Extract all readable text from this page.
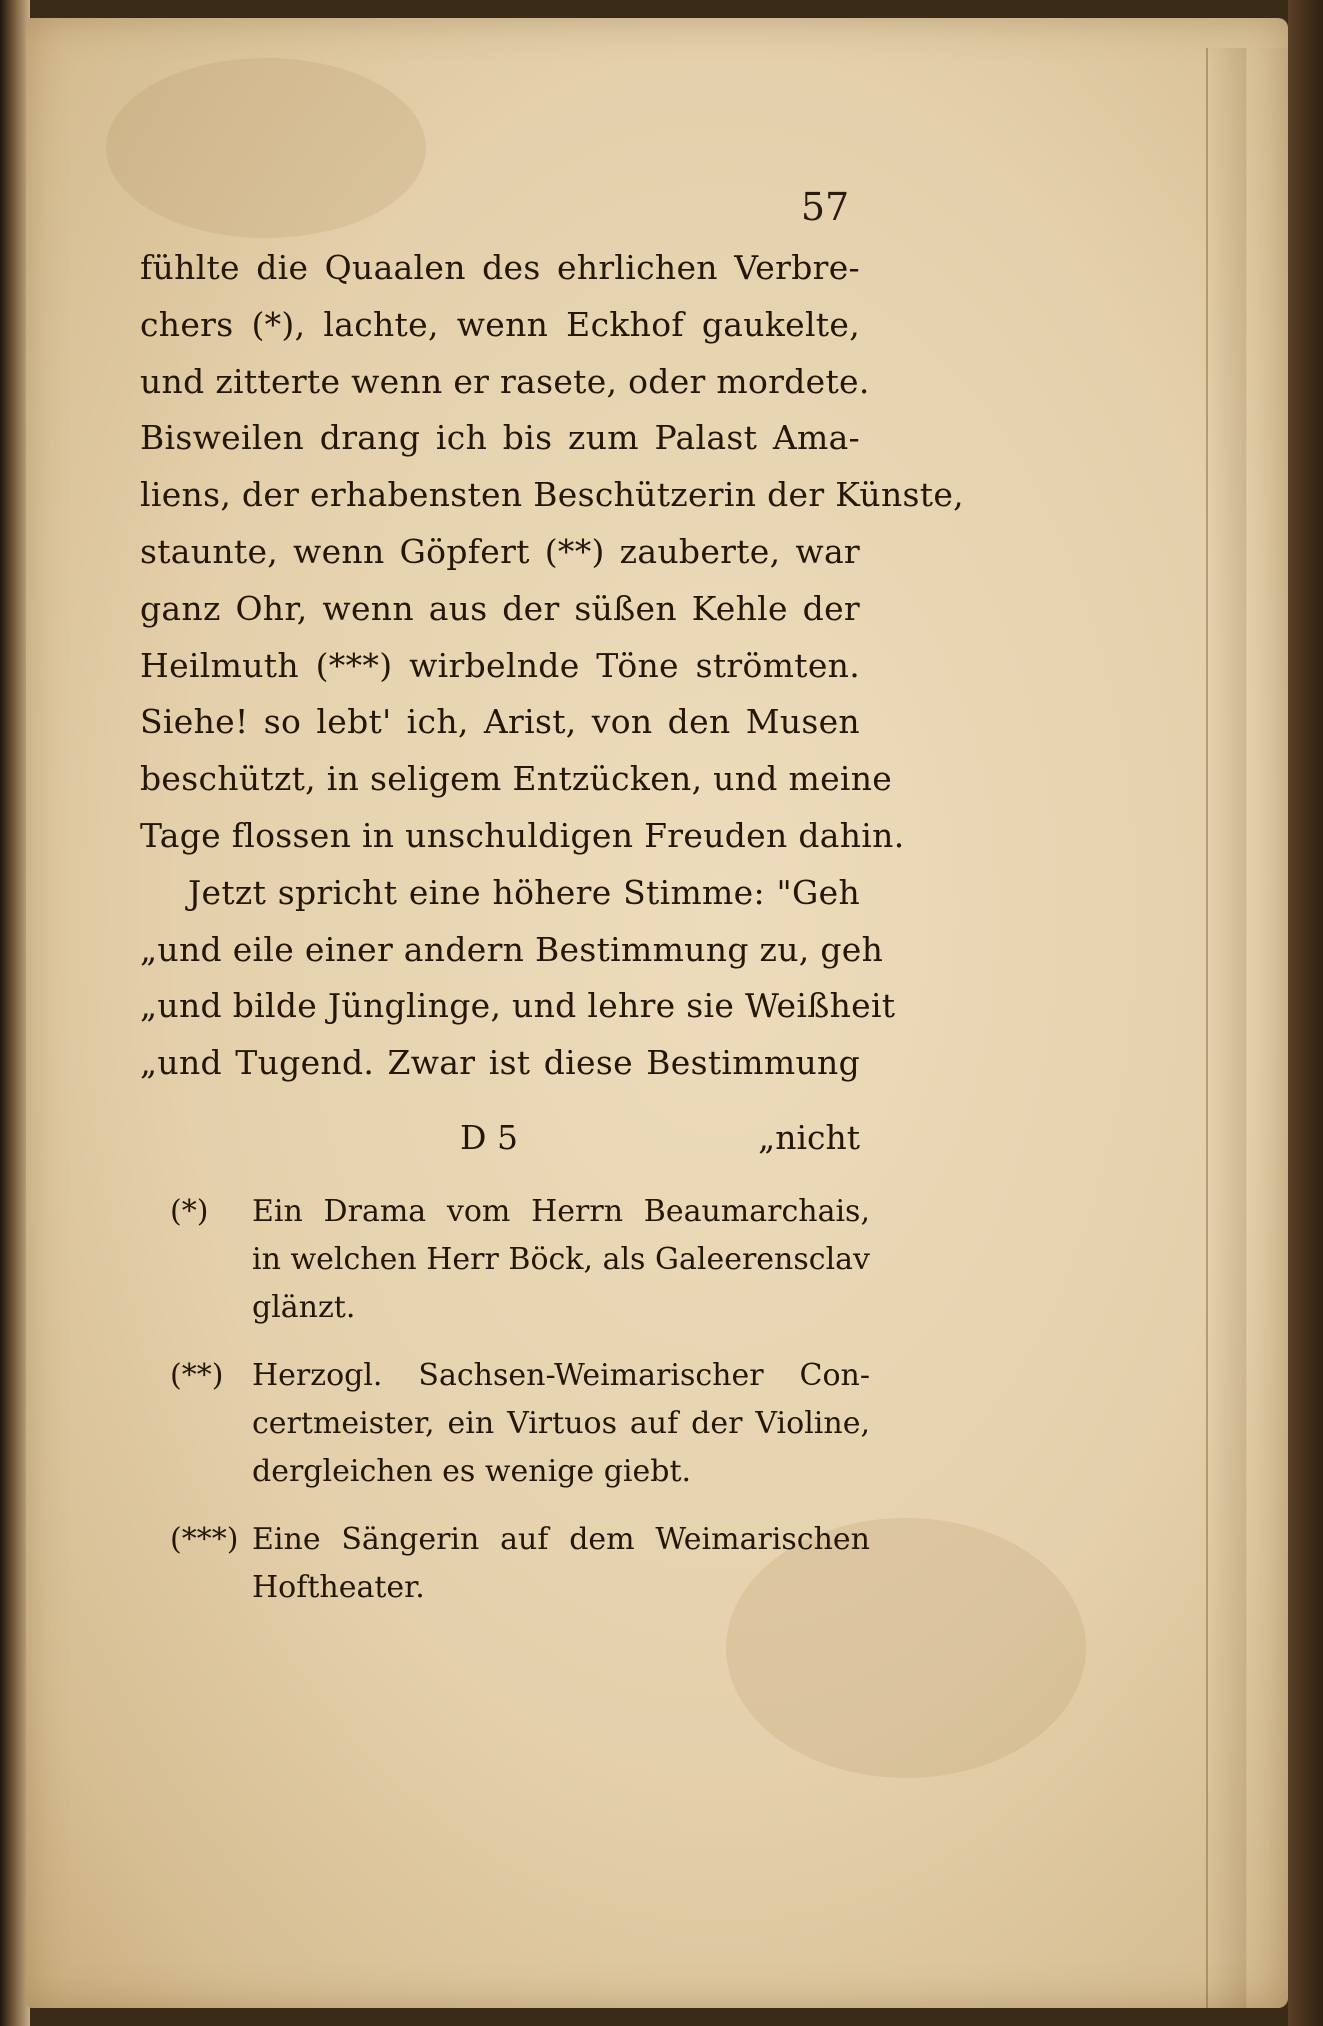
57
fühlte die Quaalen des ehrlichen Verbre-
chers (*), lachte, wenn Eckhof gaukelte,
und zitterte wenn er rasete, oder mordete.
Bisweilen drang ich bis zum Palast Ama-
liens, der erhabensten Beschützerin der Künste,
staunte, wenn Göpfert (**) zauberte, war
ganz Ohr, wenn aus der süßen Kehle der
Heilmuth (***) wirbelnde Töne strömten.
Siehe! so lebt' ich, Arist, von den Musen
beschützt, in seligem Entzücken, und meine
Tage flossen in unschuldigen Freuden dahin.
Jetzt spricht eine höhere Stimme: "Geh
„und eile einer andern Bestimmung zu, geh
„und bilde Jünglinge, und lehre sie Weißheit
„und Tugend. Zwar ist diese Bestimmung
D 5	„nicht
(*)	Ein Drama vom Herrn Beaumarchais,
in welchen Herr Böck, als Galeerensclav
glänzt.
(**) Herzogl. Sachsen-Weimarischer Con-
certmeister, ein Virtuos auf der Violine,
dergleichen es wenige giebt.
(***) Eine Sängerin auf dem Weimarischen
Hoftheater.
